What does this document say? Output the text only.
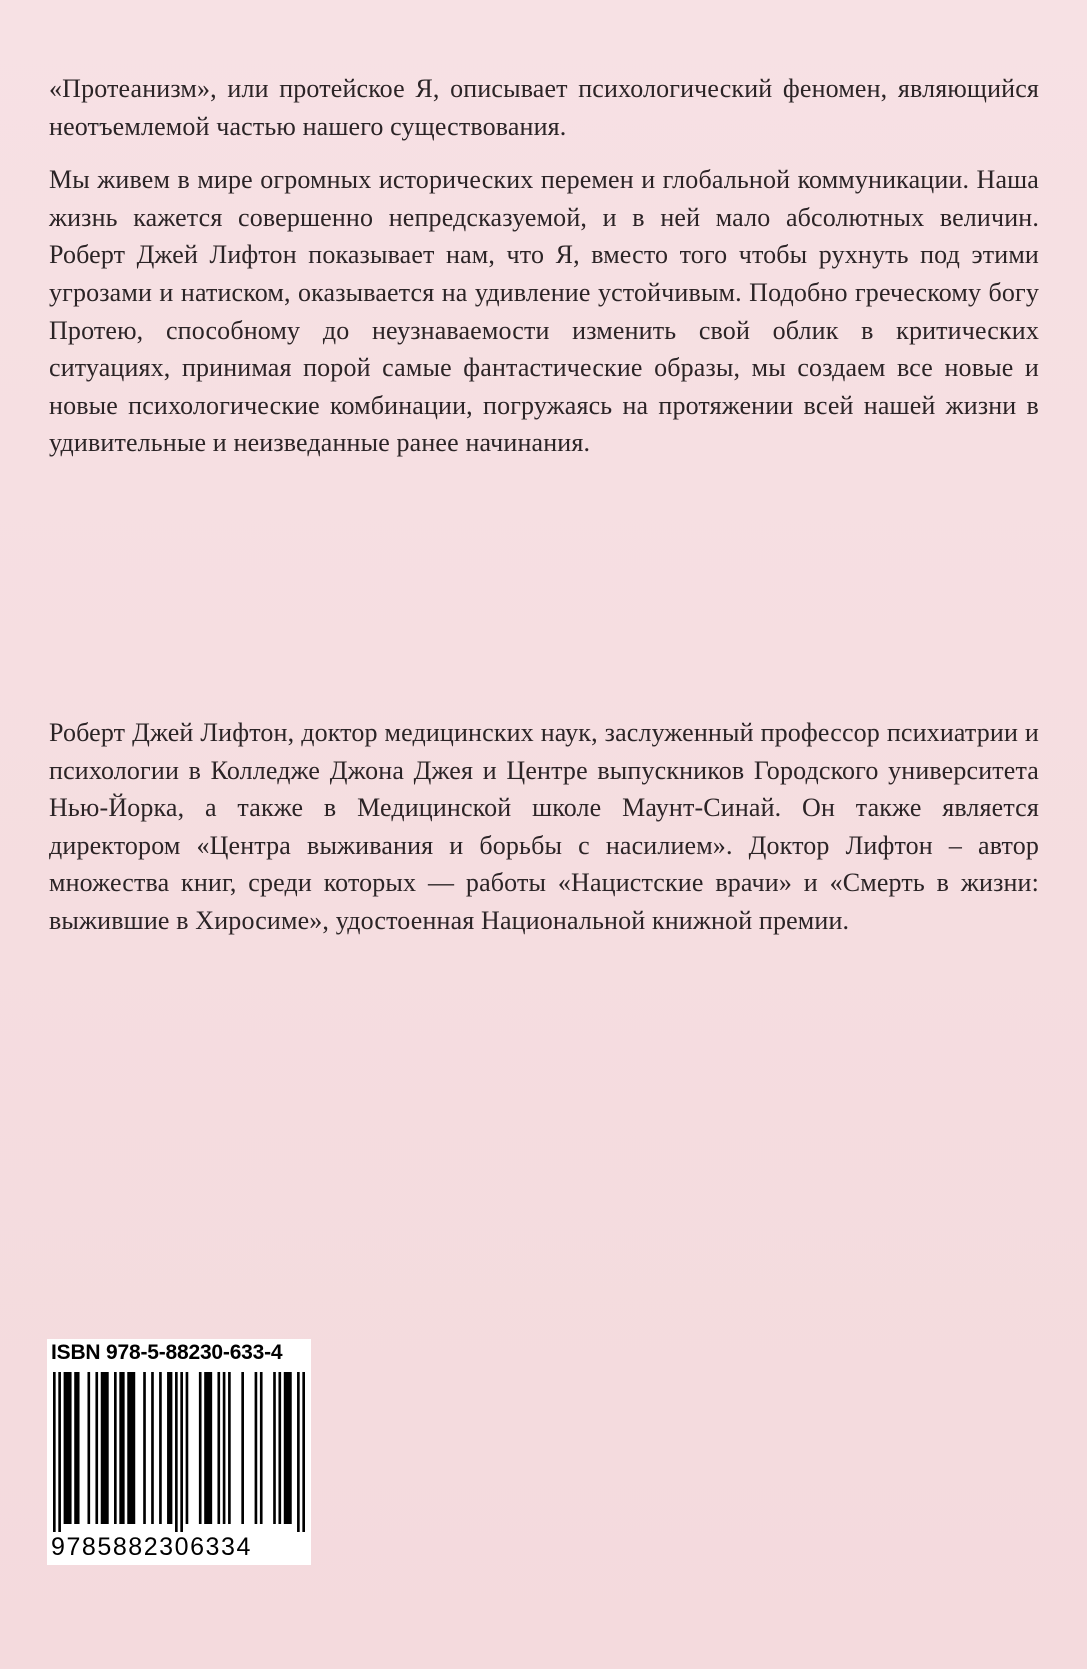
«Протеанизм», или протейское Я, описывает психологический феномен, являющийся неотъемлемой частью нашего существования.

Мы живем в мире огромных исторических перемен и глобальной коммуникации. Наша жизнь кажется совершенно непредсказуемой, и в ней мало абсолютных величин. Роберт Джей Лифтон показывает нам, что Я, вместо того чтобы рухнуть под этими угрозами и натиском, оказывается на удивление устойчивым. Подобно греческому богу Протею, способному до неузнаваемости изменить свой облик в критических ситуациях, принимая порой самые фантастические образы, мы создаем все новые и новые психологические комбинации, погружаясь на протяжении всей нашей жизни в удивительные и неизведанные ранее начинания.

Роберт Джей Лифтон, доктор медицинских наук, заслуженный профессор психиатрии и психологии в Колледже Джона Джея и Центре выпускников Городского университета Нью-Йорка, а также в Медицинской школе Маунт-Синай. Он также является директором «Центра выживания и борьбы с насилием». Доктор Лифтон – автор множества книг, среди которых — работы «Нацистские врачи» и «Смерть в жизни: выжившие в Хиросиме», удостоенная Национальной книжной премии.

ISBN 978-5-88230-633-4
9785882306334
